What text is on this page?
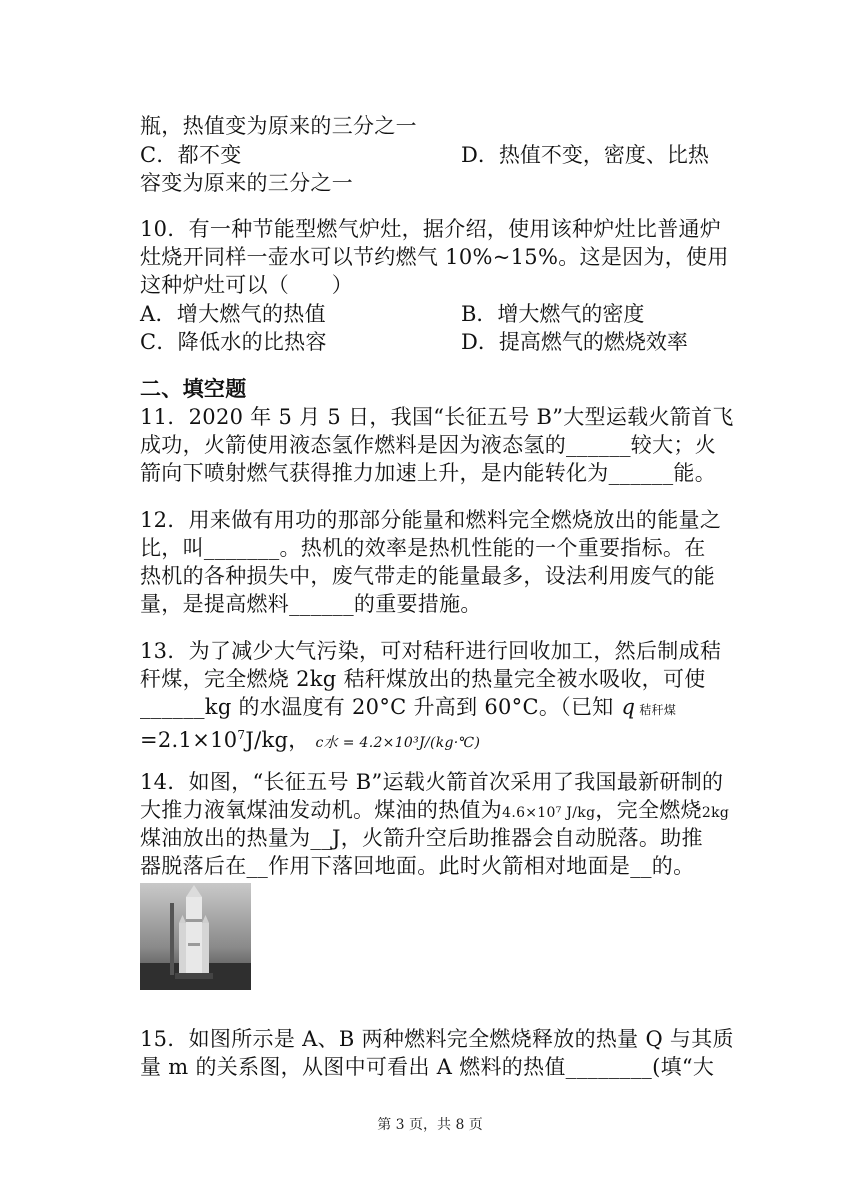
瓶，热值变为原来的三分之一
C．都不变	D．热值不变，密度、比热
容变为原来的三分之一
10．有一种节能型燃气炉灶，据介绍，使用该种炉灶比普通炉
灶烧开同样一壶水可以节约燃气 10%~15%。这是因为，使用
这种炉灶可以（　　）
A．增大燃气的热值	B．增大燃气的密度
C．降低水的比热容	D．提高燃气的燃烧效率
二、填空题
11．2020 年 5 月 5 日，我国“长征五号 B”大型运载火箭首飞
成功，火箭使用液态氢作燃料是因为液态氢的______较大；火
箭向下喷射燃气获得推力加速上升，是内能转化为______能。
12．用来做有用功的那部分能量和燃料完全燃烧放出的能量之
比，叫_______。热机的效率是热机性能的一个重要指标。在
热机的各种损失中，废气带走的能量最多，设法利用废气的能
量，是提高燃料______的重要措施。
13．为了减少大气污染，可对秸秆进行回收加工，然后制成秸
秆煤，完全燃烧 2kg 秸秆煤放出的热量完全被水吸收，可使
______kg 的水温度有 20°C 升高到 60°C。（已知 q 秸秆煤
$=2.1\times 10^7J/kg$， c水 = 4.2×10³J/(kg·℃)
14．如图，“长征五号 B”运载火箭首次采用了我国最新研制的
大推力液氧煤油发动机。煤油的热值为4.6×10⁷ J/kg，完全燃烧2kg
煤油放出的热量为__J，火箭升空后助推器会自动脱落。助推
器脱落后在__作用下落回地面。此时火箭相对地面是__的。
15．如图所示是 A、B 两种燃料完全燃烧释放的热量 Q 与其质
量 m 的关系图，从图中可看出 A 燃料的热值________(填“大
第 3 页，共 8 页
